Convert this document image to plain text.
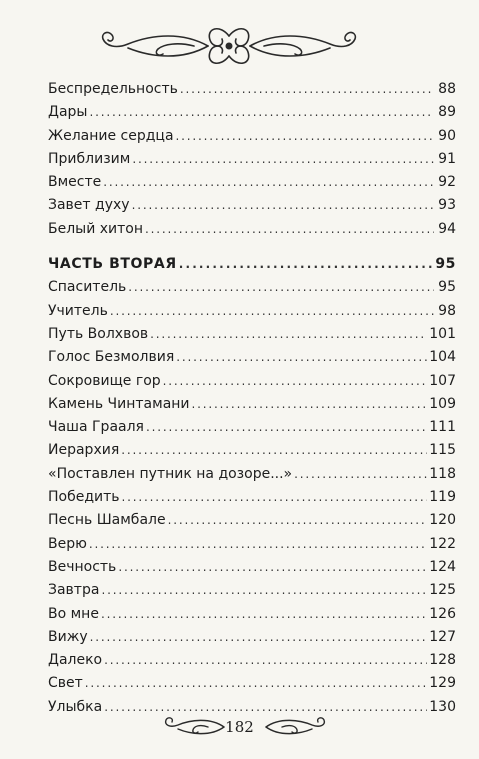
Беспредельность . . .	88
Дары . . .	89
Желание сердца . . .	90
Приблизим . . .	91
Вместе . . .	92
Завет духу . . .	93
Белый хитон . . .	94
ЧАСТЬ ВТОРАЯ . . .	95
Спаситель . . .	95
Учитель . . .	98
Путь Волхвов . . .	101
Голос Безмолвия . . .	104
Сокровище гор . . .	107
Камень Чинтамани . . .	109
Чаша Грааля . . .	111
Иерархия . . .	115
«Поставлен путник на дозоре...» . . .	118
Победить . . .	119
Песнь Шамбале . . .	120
Верю . . .	122
Вечность . . .	124
Завтра . . .	125
Во мне . . .	126
Вижу . . .	127
Далеко . . .	128
Свет . . .	129
Улыбка . . .	130
182
